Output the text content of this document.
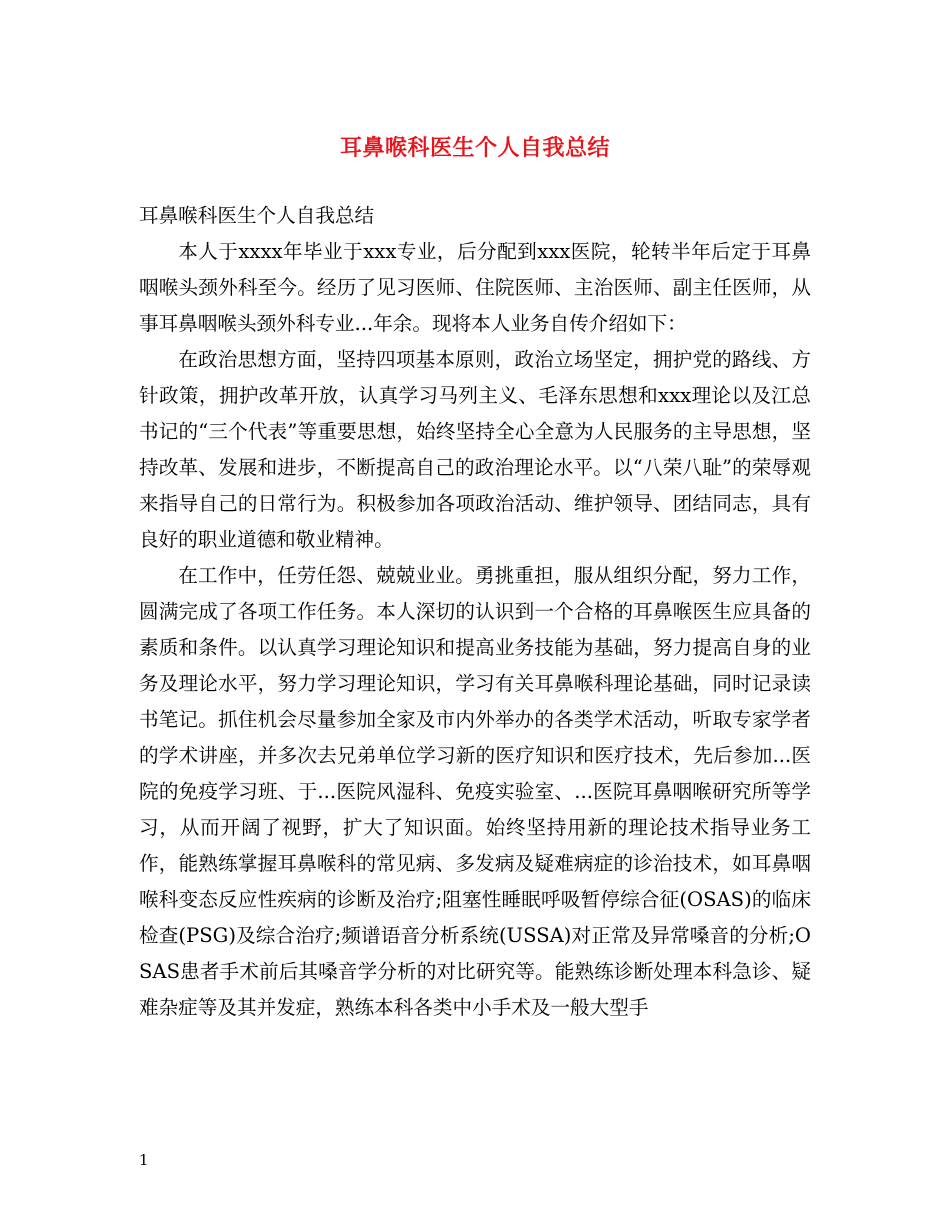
耳鼻喉科医生个人自我总结

耳鼻喉科医生个人自我总结

本人于xxxx年毕业于xxx专业，后分配到xxx医院，轮转半年后定于耳鼻咽喉头颈外科至今。经历了见习医师、住院医师、主治医师、副主任医师，从事耳鼻咽喉头颈外科专业...年余。现将本人业务自传介绍如下：

在政治思想方面，坚持四项基本原则，政治立场坚定，拥护党的路线、方针政策，拥护改革开放，认真学习马列主义、毛泽东思想和xxx理论以及江总书记的“三个代表”等重要思想，始终坚持全心全意为人民服务的主导思想，坚持改革、发展和进步，不断提高自己的政治理论水平。以“八荣八耻”的荣辱观来指导自己的日常行为。积极参加各项政治活动、维护领导、团结同志，具有良好的职业道德和敬业精神。

在工作中，任劳任怨、兢兢业业。勇挑重担，服从组织分配，努力工作，圆满完成了各项工作任务。本人深切的认识到一个合格的耳鼻喉医生应具备的素质和条件。以认真学习理论知识和提高业务技能为基础，努力提高自身的业务及理论水平，努力学习理论知识，学习有关耳鼻喉科理论基础，同时记录读书笔记。抓住机会尽量参加全家及市内外举办的各类学术活动，听取专家学者的学术讲座，并多次去兄弟单位学习新的医疗知识和医疗技术，先后参加...医院的免疫学习班、于...医院风湿科、免疫实验室、...医院耳鼻咽喉研究所等学习，从而开阔了视野，扩大了知识面。始终坚持用新的理论技术指导业务工作，能熟练掌握耳鼻喉科的常见病、多发病及疑难病症的诊治技术，如耳鼻咽喉科变态反应性疾病的诊断及治疗;阻塞性睡眠呼吸暂停综合征(OSAS)的临床检查(PSG)及综合治疗;频谱语音分析系统(USSA)对正常及异常嗓音的分析;OSAS患者手术前后其嗓音学分析的对比研究等。能熟练诊断处理本科急诊、疑难杂症等及其并发症，熟练本科各类中小手术及一般大型手

1
